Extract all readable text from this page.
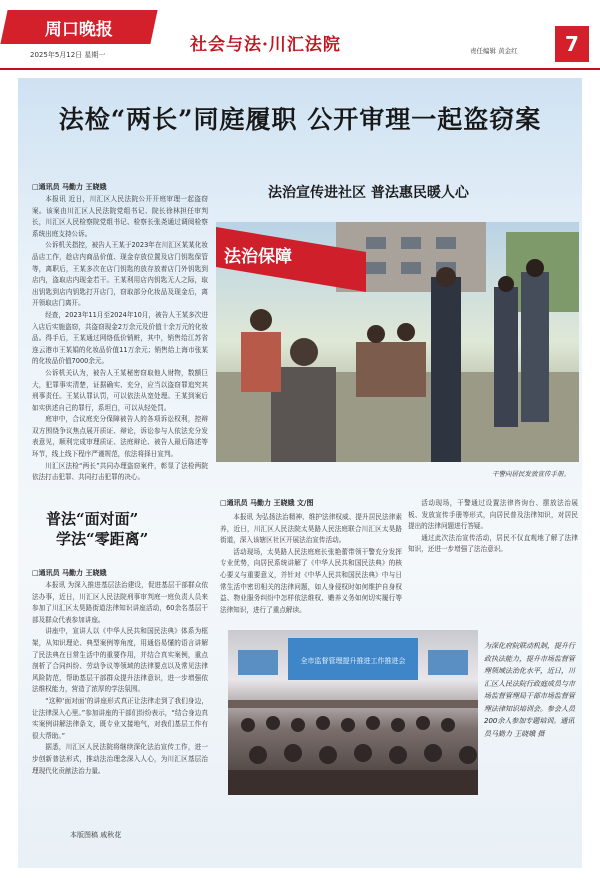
周口晚报
2025年5月12日 星期一	社会与法·川汇法院	责任编辑 黄金红	7
法检“两长”同庭履职 公开审理一起盗窃案
□通讯员 马勤力 王晓娥

本报讯 近日，川汇区人民法院公开开庭审理一起盗窃案。该案由川汇区人民法院党组书记、院长徐林担任审判长，川汇区人民检察院党组书记、检察长张尧通过调阅检察系统出庭支持公诉。

公诉机关指控，被告人王某于2023年在川汇区某某化妆品店工作，趁店内商品价值、现金存放位置及店门钥匙保管等，离职后，王某多次在店门钥匙的放存放着店门外钥匙到店内，盗取店内现金若干。王某利用店内钥匙无人之际，取出钥匙到店内钥匙打开店门，窃取部分化妆品及现金后，离开领取店门离开。

经查，2023年11月至2024年10月，被告人王某多次进入店后实施盗窃，共盗窃现金2万余元及价值十余万元的化妆品。得手后，王某通过网络低价销赃，其中，销售给江苏省连云港市王某娟的化妆品价值11万余元；销售给上海市张某的化妆品价值7000余元。

公诉机关认为，被告人王某秘密窃取他人财物，数额巨大，犯罪事实清楚，证据确实、充分，应当以盗窃罪追究其刑事责任。王某认罪认罚，可以依法从宽处理。王某到案后如实供述自己的罪行，系坦白，可以从轻处罚。

庭审中，合议庭充分保障被告人的各项诉讼权利，控辩双方围绕争议焦点展开质证、辩论，诉讼参与人依法充分发表意见，顺利完成审理质证、法庭辩论、被告人最后陈述等环节，线上线下程序严谨规范，依法将择日宣判。

川汇区法检“两长”共同办理盗窃案件，彰显了法检两院依法打击犯罪、共同打击犯罪的决心。

法治宣传进社区 普法惠民暖人心
法治保障
干警向居民发放宣传手册。
□通讯员 马勤力 王晓娥 文/图

本报讯 为弘扬法治精神、维护法律权威、提升居民法律素养，近日，川汇区人民法院太昊路人民法庭联合川汇区太昊路街道，深入该辖区社区开展法治宣传活动。

活动现场，太昊路人民法庭庭长张艳蕾带领干警充分发挥专业优势，向居民系统讲解了《中华人民共和国民法典》的核心要义与重要意义，并针对《中华人民共和国民法典》中与日常生活中密切相关的法律问题，如人身侵权时如何维护自身权益、物业服务纠纷中怎样依法维权、赡养义务如何切实履行等法律知识，进行了重点解读。

活动现场，干警通过设置法律咨询台、摆放法治展板、发放宣传手册等形式，向居民普及法律知识，对居民提出的法律问题进行答疑。

通过此次法治宣传活动，居民不仅直观地了解了法律知识，还进一步增强了法治意识。

普法“面对面”
学法“零距离”
□通讯员 马勤力 王晓娥

本报讯 为深入推进基层法治建设，促进基层干部群众依法办事，近日，川汇区人民法院刑事审判庭一庭负责人员来参加了川汇区太昊路街道法律知识讲座活动，60余名基层干部及群众代表参加讲座。

讲座中，宣讲人以《中华人民共和国民法典》体系为框架，从知识理论、典型案例等角度，用通俗易懂的语言讲解了民法典在日常生活中的重要作用，并结合真实案例，重点剖析了合同纠纷、劳动争议等领域的法律要点以及常见法律风险防范，帮助基层干部群众提升法律意识，进一步增强依法维权能力，营造了浓厚的学法氛围。

“这种‘面对面’的讲座形式真正让法律走到了我们身边，让法律深入心里。”参加讲座的干部们纷纷表示，“结合身边真实案例讲解法律条文，既专业又接地气，对我们基层工作有很大帮助。”

据悉，川汇区人民法院将继续深化法治宣传工作，进一步创新普法形式，推动法治理念深入人心，为川汇区基层治理现代化贡献法治力量。

全市监督管理提升推进工作推进会
为深化府院联动机制，提升行政执法能力，提升市场监督管理领域法治化水平，近日，川汇区人民法院行政庭成员与市场监督管理局干部市场监督管理法律知识培训会。参会人员200余人参加专题培训。通讯员马勤力 王晓娥 摄
本版图稿 戚秋花
